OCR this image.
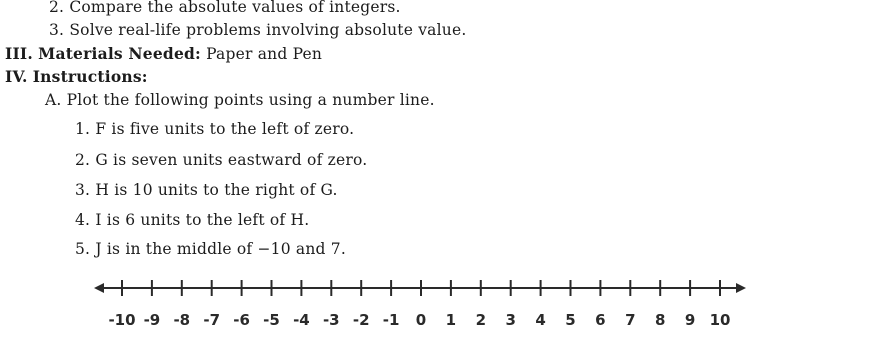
2. Compare the absolute values of integers.
3. Solve real-life problems involving absolute value.
III. Materials Needed: Paper and Pen
IV. Instructions:
A. Plot the following points using a number line.
1. F is five units to the left of zero.
2. G is seven units eastward of zero.
3. H is 10 units to the right of G.
4. I is 6 units to the left of H.
5. J is in the middle of −10 and 7.
-10 -9 -8 -7 -6 -5 -4 -3 -2 -1 0 1 2 3 4 5 6 7 8 9 10
